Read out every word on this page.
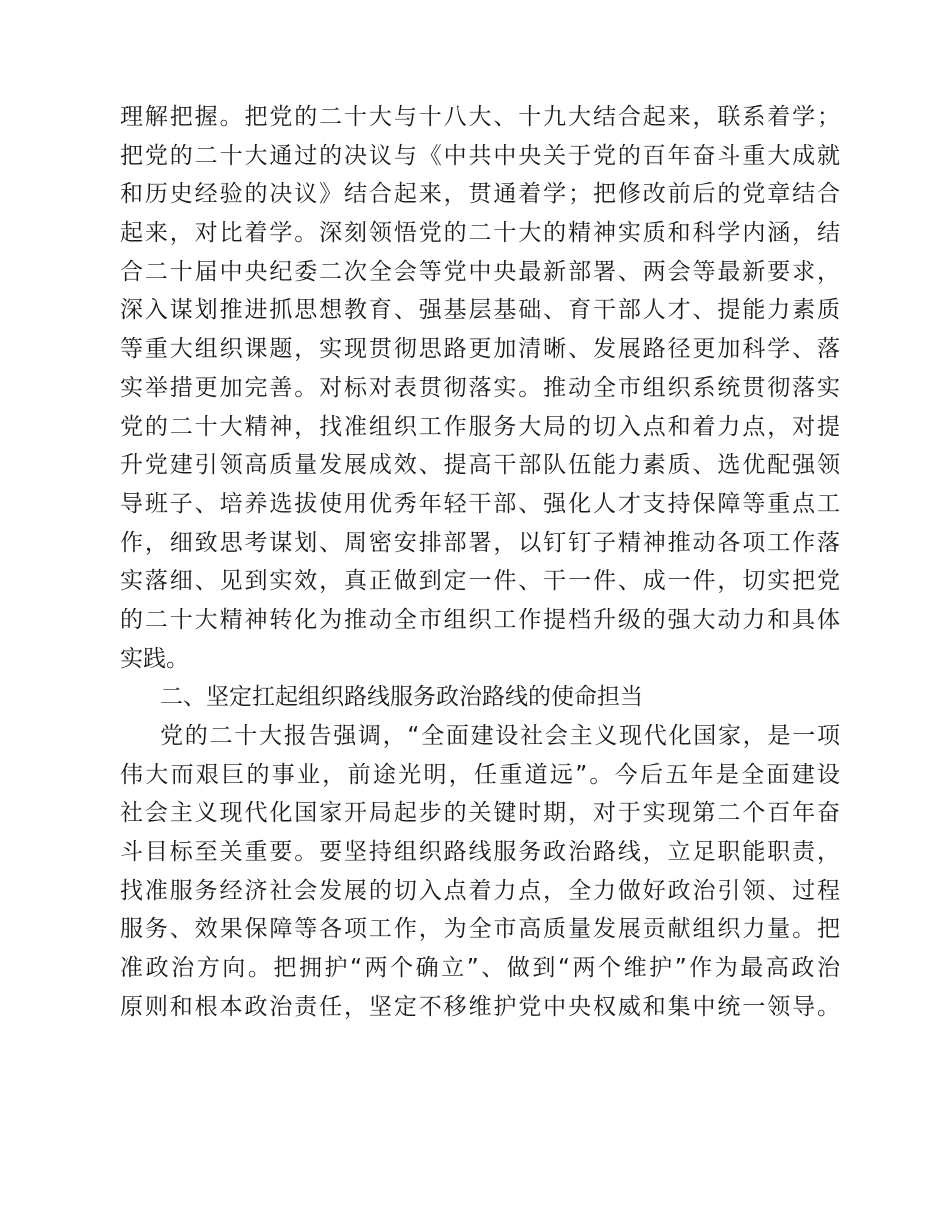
理解把握。把党的二十大与十八大、十九大结合起来，联系着学；
把党的二十大通过的决议与《中共中央关于党的百年奋斗重大成就
和历史经验的决议》结合起来，贯通着学；把修改前后的党章结合
起来，对比着学。深刻领悟党的二十大的精神实质和科学内涵，结
合二十届中央纪委二次全会等党中央最新部署、两会等最新要求，
深入谋划推进抓思想教育、强基层基础、育干部人才、提能力素质
等重大组织课题，实现贯彻思路更加清晰、发展路径更加科学、落
实举措更加完善。对标对表贯彻落实。推动全市组织系统贯彻落实
党的二十大精神，找准组织工作服务大局的切入点和着力点，对提
升党建引领高质量发展成效、提高干部队伍能力素质、选优配强领
导班子、培养选拔使用优秀年轻干部、强化人才支持保障等重点工
作，细致思考谋划、周密安排部署，以钉钉子精神推动各项工作落
实落细、见到实效，真正做到定一件、干一件、成一件，切实把党
的二十大精神转化为推动全市组织工作提档升级的强大动力和具体
实践。
二、坚定扛起组织路线服务政治路线的使命担当
党的二十大报告强调，“全面建设社会主义现代化国家，是一项
伟大而艰巨的事业，前途光明，任重道远”。今后五年是全面建设
社会主义现代化国家开局起步的关键时期，对于实现第二个百年奋
斗目标至关重要。要坚持组织路线服务政治路线，立足职能职责，
找准服务经济社会发展的切入点着力点，全力做好政治引领、过程
服务、效果保障等各项工作，为全市高质量发展贡献组织力量。把
准政治方向。把拥护“两个确立”、做到“两个维护”作为最高政治
原则和根本政治责任，坚定不移维护党中央权威和集中统一领导。
